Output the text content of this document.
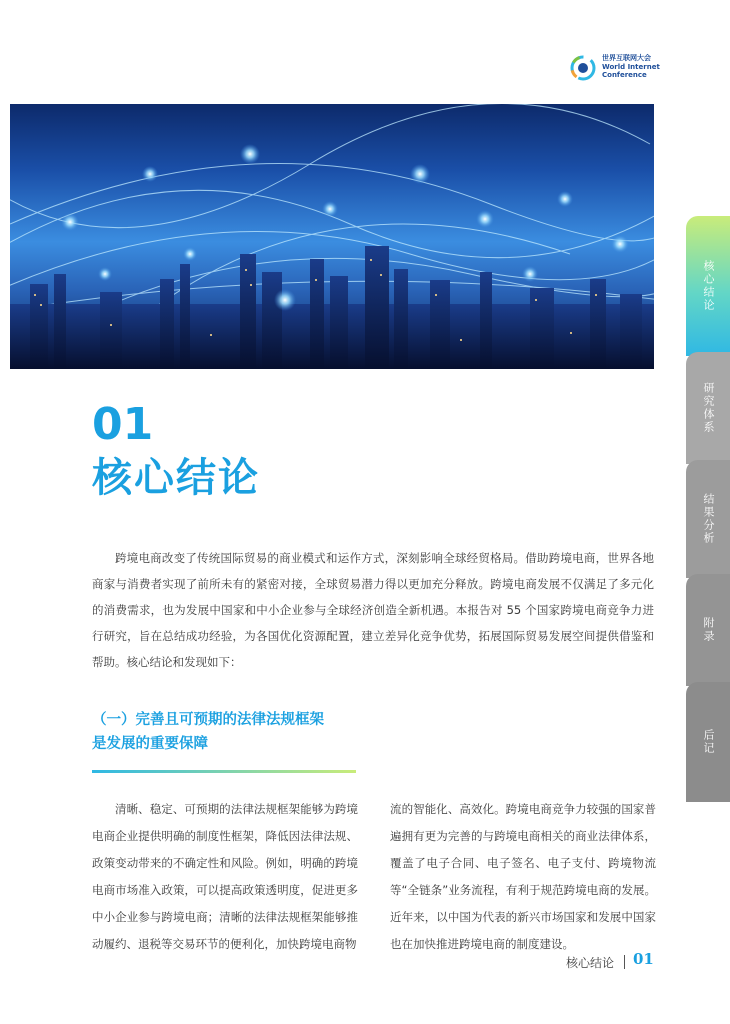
世界互联网大会
World Internet
Conference
核心结论
研究体系
结果分析
附录
后记
01
核心结论

跨境电商改变了传统国际贸易的商业模式和运作方式，深刻影响全球经贸格局。借助跨境电商，世界各地商家与消费者实现了前所未有的紧密对接，全球贸易潜力得以更加充分释放。跨境电商发展不仅满足了多元化的消费需求，也为发展中国家和中小企业参与全球经济创造全新机遇。本报告对 55 个国家跨境电商竞争力进行研究，旨在总结成功经验，为各国优化资源配置，建立差异化竞争优势，拓展国际贸易发展空间提供借鉴和帮助。核心结论和发现如下：

（一）完善且可预期的法律法规框架
是发展的重要保障

清晰、稳定、可预期的法律法规框架能够为跨境电商企业提供明确的制度性框架，降低因法律法规、政策变动带来的不确定性和风险。例如，明确的跨境电商市场准入政策，可以提高政策透明度，促进更多中小企业参与跨境电商；清晰的法律法规框架能够推动履约、退税等交易环节的便利化，加快跨境电商物

流的智能化、高效化。跨境电商竞争力较强的国家普遍拥有更为完善的与跨境电商相关的商业法律体系，覆盖了电子合同、电子签名、电子支付、跨境物流等“全链条”业务流程，有利于规范跨境电商的发展。近年来，以中国为代表的新兴市场国家和发展中国家也在加快推进跨境电商的制度建设。

核心结论 01
